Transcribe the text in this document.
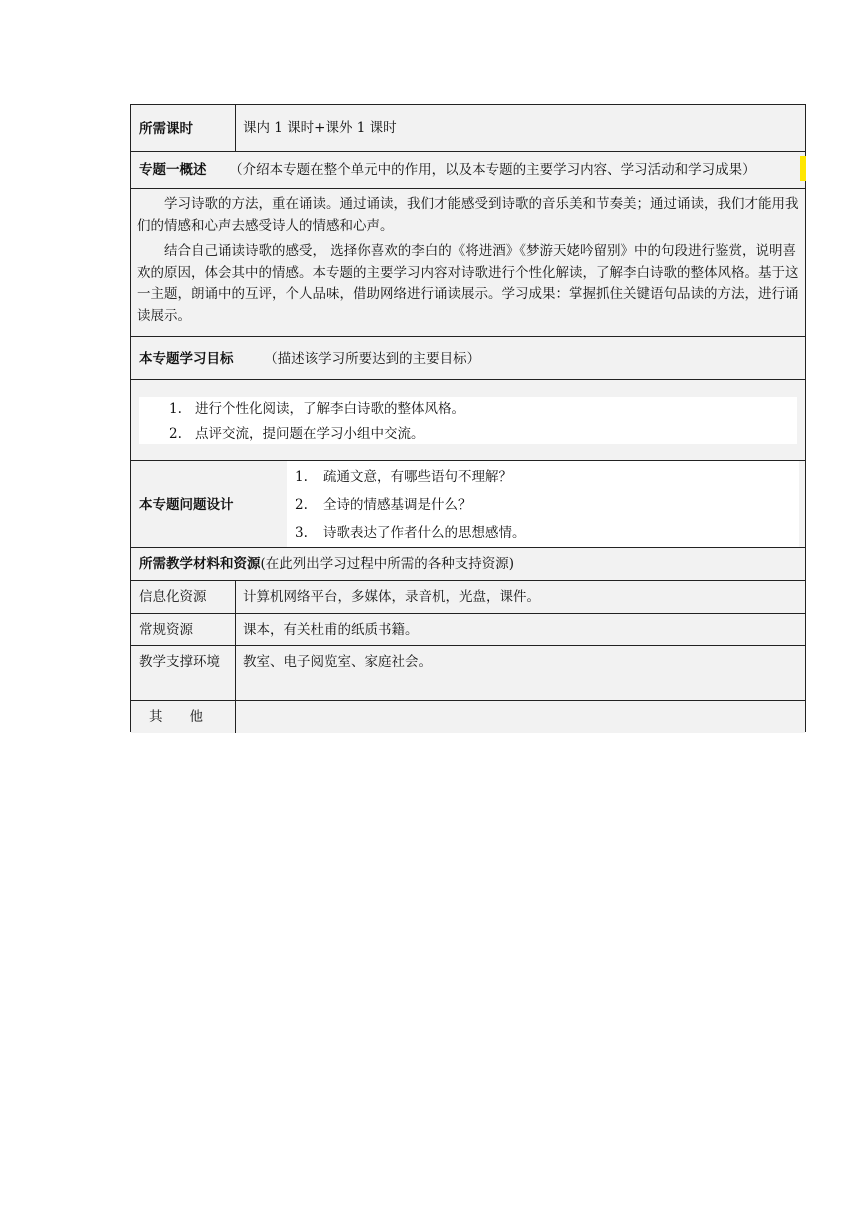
所需课时	课内 1 课时+课外 1 课时
专题一概述 （介绍本专题在整个单元中的作用，以及本专题的主要学习内容、学习活动和学习成果）
学习诗歌的方法，重在诵读。通过诵读，我们才能感受到诗歌的音乐美和节奏美；通过诵读，我们才能用我们的情感和心声去感受诗人的情感和心声。
结合自己诵读诗歌的感受， 选择你喜欢的李白的《将进酒》《梦游天姥吟留别》中的句段进行鉴赏，说明喜欢的原因，体会其中的情感。本专题的主要学习内容对诗歌进行个性化解读，了解李白诗歌的整体风格。基于这一主题，朗诵中的互评，个人品味，借助网络进行诵读展示。学习成果：掌握抓住关键语句品读的方法，进行诵读展示。
本专题学习目标 （描述该学习所要达到的主要目标）
1. 进行个性化阅读，了解李白诗歌的整体风格。
2. 点评交流，提问题在学习小组中交流。
本专题问题设计
1. 疏通文意，有哪些语句不理解？
2. 全诗的情感基调是什么？
3. 诗歌表达了作者什么的思想感情。
所需教学材料和资源(在此列出学习过程中所需的各种支持资源)
信息化资源	计算机网络平台，多媒体，录音机，光盘，课件。
常规资源	课本，有关杜甫的纸质书籍。
教学支撑环境 教室、电子阅览室、家庭社会。
其　　他
